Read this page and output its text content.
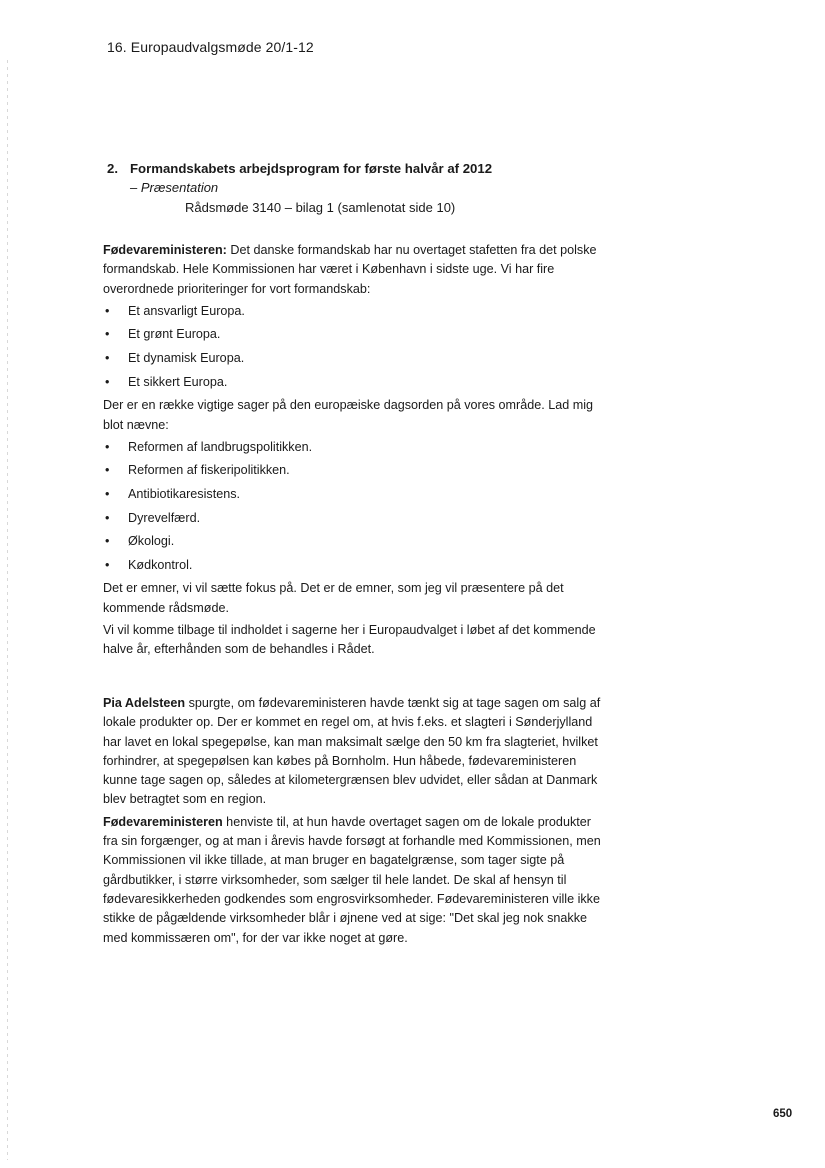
16. Europaudvalgsmøde 20/1-12
2. Formandskabets arbejdsprogram for første halvår af 2012
– Præsentation
Rådsmøde 3140 – bilag 1 (samlenotat side 10)

Fødevareministeren: Det danske formandskab har nu overtaget stafetten fra det polske formandskab. Hele Kommissionen har været i København i sidste uge. Vi har fire overordnede prioriteringer for vort formandskab:

• Et ansvarligt Europa.
• Et grønt Europa.
• Et dynamisk Europa.
• Et sikkert Europa.

Der er en række vigtige sager på den europæiske dagsorden på vores område. Lad mig blot nævne:

• Reformen af landbrugspolitikken.
• Reformen af fiskeripolitikken.
• Antibiotikaresistens.
• Dyrevelfærd.
• Økologi.
• Kødkontrol.

Det er emner, vi vil sætte fokus på. Det er de emner, som jeg vil præsentere på det kommende rådsmøde.

Vi vil komme tilbage til indholdet i sagerne her i Europaudvalget i løbet af det kommende halve år, efterhånden som de behandles i Rådet.

Pia Adelsteen spurgte, om fødevareministeren havde tænkt sig at tage sagen om salg af lokale produkter op. Der er kommet en regel om, at hvis f.eks. et slagteri i Sønderjylland har lavet en lokal spegepølse, kan man maksimalt sælge den 50 km fra slagteriet, hvilket forhindrer, at spegepølsen kan købes på Bornholm. Hun håbede, fødevareministeren kunne tage sagen op, således at kilometergrænsen blev udvidet, eller sådan at Danmark blev betragtet som en region.

Fødevareministeren henviste til, at hun havde overtaget sagen om de lokale produkter fra sin forgænger, og at man i årevis havde forsøgt at forhandle med Kommissionen, men Kommissionen vil ikke tillade, at man bruger en bagatelgrænse, som tager sigte på gårdbutikker, i større virksomheder, som sælger til hele landet. De skal af hensyn til fødevaresikkerheden godkendes som engrosvirksomheder. Fødevareministeren ville ikke stikke de pågældende virksomheder blår i øjnene ved at sige: "Det skal jeg nok snakke med kommissæren om", for der var ikke noget at gøre.

650
